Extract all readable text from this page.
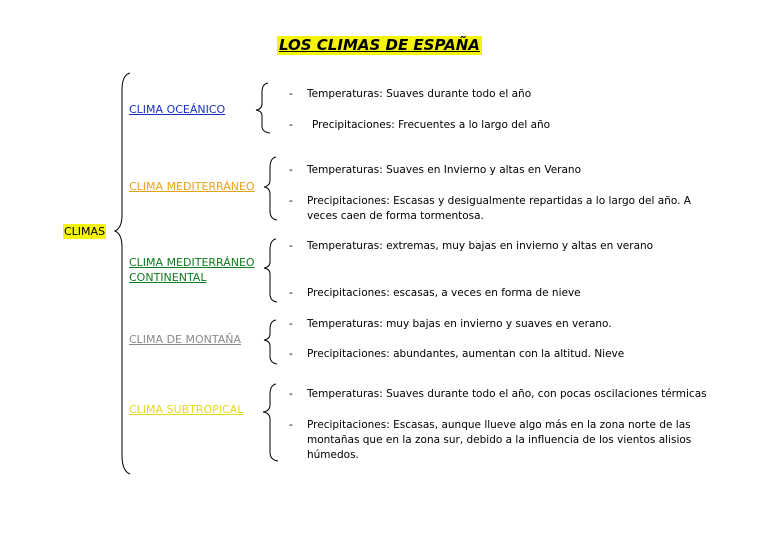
LOS CLIMAS DE ESPAÑA
CLIMAS
CLIMA OCEÁNICO
CLIMA MEDITERRÁNEO
CLIMA MEDITERRÁNEO
CONTINENTAL
CLIMA DE MONTAÑA
CLIMA SUBTROPICAL
- Temperaturas: Suaves durante todo el año
- Precipitaciones: Frecuentes a lo largo del año
- Temperaturas: Suaves en Invierno y altas en Verano
- Precipitaciones: Escasas y desigualmente repartidas a lo largo del año. A
veces caen de forma tormentosa.
- Temperaturas: extremas, muy bajas en invierno y altas en verano
- Precipitaciones: escasas, a veces en forma de nieve
- Temperaturas: muy bajas en invierno y suaves en verano.
- Precipitaciones: abundantes, aumentan con la altitud. Nieve
- Temperaturas: Suaves durante todo el año, con pocas oscilaciones térmicas
- Precipitaciones: Escasas, aunque llueve algo más en la zona norte de las
montañas que en la zona sur, debido a la influencia de los vientos alisios
húmedos.
